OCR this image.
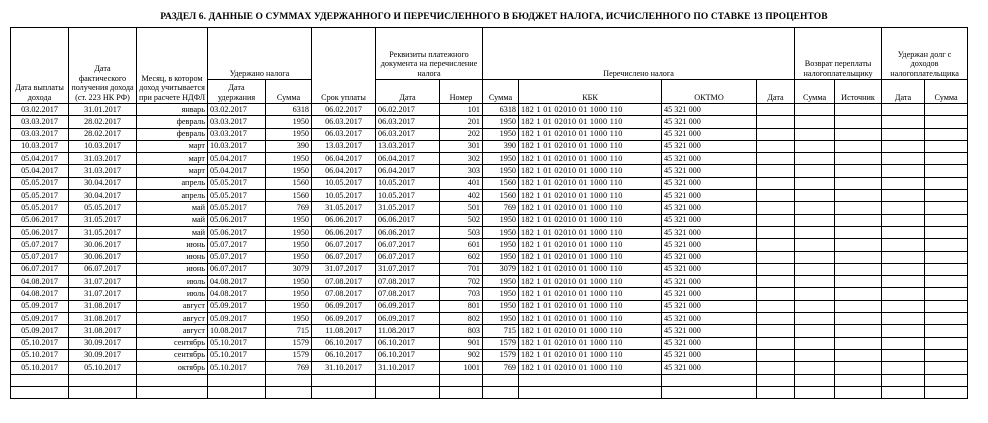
РАЗДЕЛ 6. ДАННЫЕ О СУММАХ УДЕРЖАННОГО И ПЕРЕЧИСЛЕННОГО В БЮДЖЕТ НАЛОГА, ИСЧИСЛЕННОГО ПО СТАВКЕ 13 ПРОЦЕНТОВ
Дата выплаты дохода	Дата фактического получения дохода (ст. 223 НК РФ)	Месяц, в котором доход учитывается при расчете НДФЛ	Удержано налога		Срок уплаты	Реквизиты платежного документа на перечисление налога		Перечислено налога				Возврат переплаты налогоплательщику		Удержан долг с доходов налогоплательщика	

			Дата удержания	Сумма		Дата	Номер	Сумма	КБК	ОКТМО	Дата	Сумма	Источник	Дата	Сумма
03.02.2017	31.01.2017	январь	03.02.2017	6318	06.02.2017	06.02.2017	101	6318	182 1 01 02010 01 1000 110	45 321 000					
03.03.2017	28.02.2017	февраль	03.03.2017	1950	06.03.2017	06.03.2017	201	1950	182 1 01 02010 01 1000 110	45 321 000					
03.03.2017	28.02.2017	февраль	03.03.2017	1950	06.03.2017	06.03.2017	202	1950	182 1 01 02010 01 1000 110	45 321 000					
10.03.2017	10.03.2017	март	10.03.2017	390	13.03.2017	13.03.2017	301	390	182 1 01 02010 01 1000 110	45 321 000					
05.04.2017	31.03.2017	март	05.04.2017	1950	06.04.2017	06.04.2017	302	1950	182 1 01 02010 01 1000 110	45 321 000					
05.04.2017	31.03.2017	март	05.04.2017	1950	06.04.2017	06.04.2017	303	1950	182 1 01 02010 01 1000 110	45 321 000					
05.05.2017	30.04.2017	апрель	05.05.2017	1560	10.05.2017	10.05.2017	401	1560	182 1 01 02010 01 1000 110	45 321 000					
05.05.2017	30.04.2017	апрель	05.05.2017	1560	10.05.2017	10.05.2017	402	1560	182 1 01 02010 01 1000 110	45 321 000					
05.05.2017	05.05.2017	май	05.05.2017	769	31.05.2017	31.05.2017	501	769	182 1 01 02010 01 1000 110	45 321 000					
05.06.2017	31.05.2017	май	05.06.2017	1950	06.06.2017	06.06.2017	502	1950	182 1 01 02010 01 1000 110	45 321 000					
05.06.2017	31.05.2017	май	05.06.2017	1950	06.06.2017	06.06.2017	503	1950	182 1 01 02010 01 1000 110	45 321 000					
05.07.2017	30.06.2017	июнь	05.07.2017	1950	06.07.2017	06.07.2017	601	1950	182 1 01 02010 01 1000 110	45 321 000					
05.07.2017	30.06.2017	июнь	05.07.2017	1950	06.07.2017	06.07.2017	602	1950	182 1 01 02010 01 1000 110	45 321 000					
06.07.2017	06.07.2017	июнь	06.07.2017	3079	31.07.2017	31.07.2017	701	3079	182 1 01 02010 01 1000 110	45 321 000					
04.08.2017	31.07.2017	июль	04.08.2017	1950	07.08.2017	07.08.2017	702	1950	182 1 01 02010 01 1000 110	45 321 000					
04.08.2017	31.07.2017	июль	04.08.2017	1950	07.08.2017	07.08.2017	703	1950	182 1 01 02010 01 1000 110	45 321 000					
05.09.2017	31.08.2017	август	05.09.2017	1950	06.09.2017	06.09.2017	801	1950	182 1 01 02010 01 1000 110	45 321 000					
05.09.2017	31.08.2017	август	05.09.2017	1950	06.09.2017	06.09.2017	802	1950	182 1 01 02010 01 1000 110	45 321 000					
05.09.2017	31.08.2017	август	10.08.2017	715	11.08.2017	11.08.2017	803	715	182 1 01 02010 01 1000 110	45 321 000					
05.10.2017	30.09.2017	сентябрь	05.10.2017	1579	06.10.2017	06.10.2017	901	1579	182 1 01 02010 01 1000 110	45 321 000					
05.10.2017	30.09.2017	сентябрь	05.10.2017	1579	06.10.2017	06.10.2017	902	1579	182 1 01 02010 01 1000 110	45 321 000					
05.10.2017	05.10.2017	октябрь	05.10.2017	769	31.10.2017	31.10.2017	1001	769	182 1 01 02010 01 1000 110	45 321 000					
